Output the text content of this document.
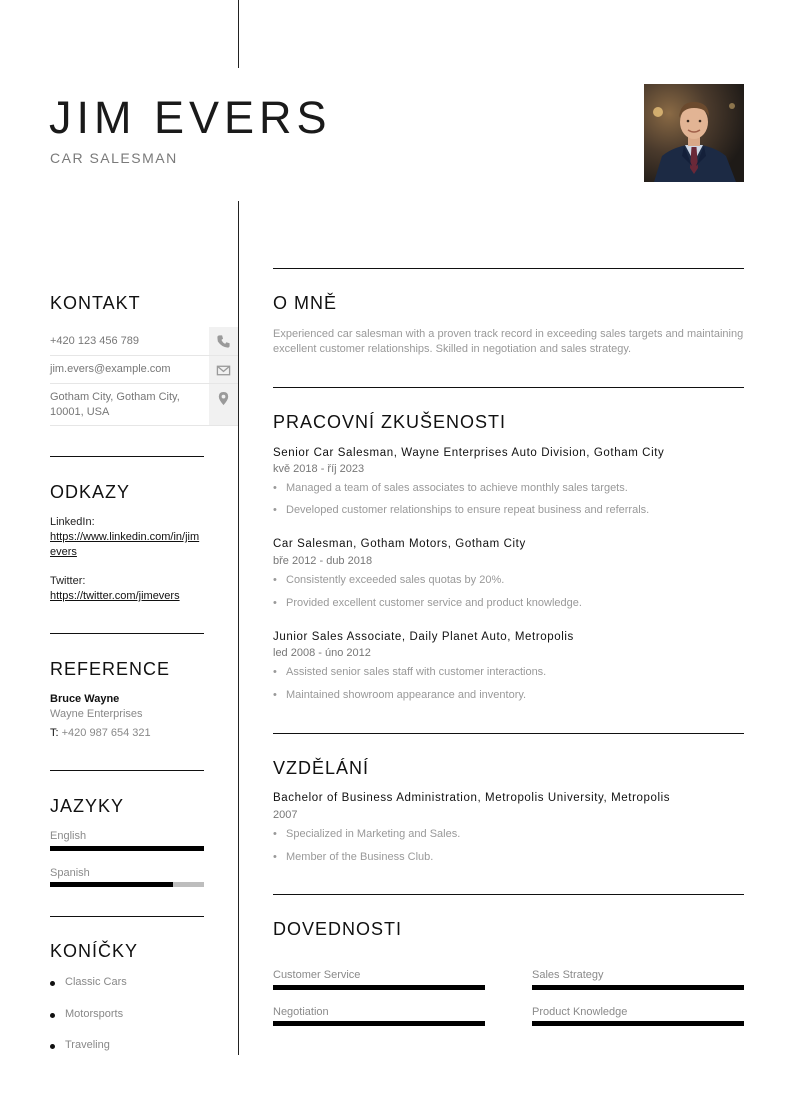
JIM EVERS
CAR SALESMAN
KONTAKT
+420 123 456 789
jim.evers@example.com
Gotham City, Gotham City,
10001, USA
ODKAZY
LinkedIn:
https://www.linkedin.com/in/jimevers
Twitter:
https://twitter.com/jimevers
REFERENCE
Bruce Wayne
Wayne Enterprises
T: +420 987 654 321
JAZYKY
English
Spanish
KONÍČKY
Classic Cars
Motorsports
Traveling
O MNĚ
Experienced car salesman with a proven track record in exceeding sales targets and maintaining excellent customer relationships. Skilled in negotiation and sales strategy.
PRACOVNÍ ZKUŠENOSTI
Senior Car Salesman, Wayne Enterprises Auto Division, Gotham City
kvě 2018 - říj 2023
• Managed a team of sales associates to achieve monthly sales targets.
• Developed customer relationships to ensure repeat business and referrals.
Car Salesman, Gotham Motors, Gotham City
bře 2012 - dub 2018
• Consistently exceeded sales quotas by 20%.
• Provided excellent customer service and product knowledge.
Junior Sales Associate, Daily Planet Auto, Metropolis
led 2008 - úno 2012
• Assisted senior sales staff with customer interactions.
• Maintained showroom appearance and inventory.
VZDĚLÁNÍ
Bachelor of Business Administration, Metropolis University, Metropolis
2007
• Specialized in Marketing and Sales.
• Member of the Business Club.
DOVEDNOSTI
Customer Service	Sales Strategy
Negotiation	Product Knowledge
